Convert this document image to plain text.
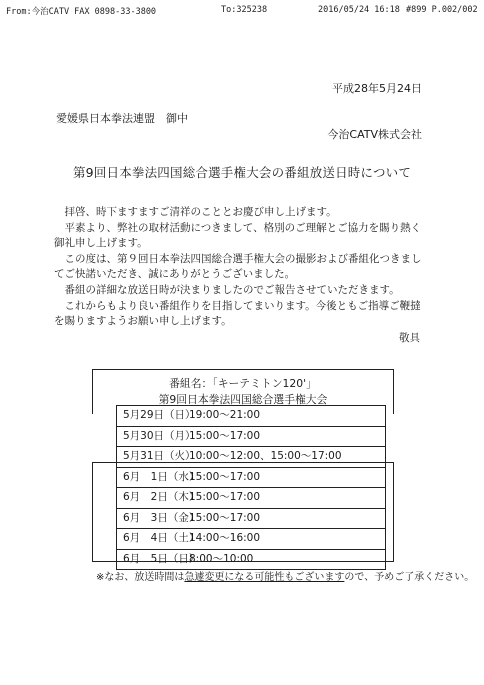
From:今治CATV FAX 0898-33-3800	To:325238	2016/05/24 16:18 #899 P.002/002
平成28年5月24日
愛媛県日本拳法連盟　御中
今治CATV株式会社
第9回日本拳法四国総合選手権大会の番組放送日時について

拝啓、時下ますますご清祥のこととお慶び申し上げます。

平素より、弊社の取材活動につきまして、格別のご理解とご協力を賜り熱く御礼申し上げます。

この度は、第９回日本拳法四国総合選手権大会の撮影および番組化つきましてご快諾いただき、誠にありがとうございました。

番組の詳細な放送日時が決まりましたのでご報告させていただきます。

これからもより良い番組作りを目指してまいります。今後ともご指導ご鞭撻を賜りますようお願い申し上げます。

敬具
番組名：「キーテミトン120'」
第9回日本拳法四国総合選手権大会
5月29日（日）19:00〜21:00
5月30日（月）15:00〜17:00
5月31日（火）10:00〜12:00、15:00〜17:00
6月　1日（水）15:00〜17:00
6月　2日（木）15:00〜17:00
6月　3日（金）15:00〜17:00
6月　4日（土）14:00〜16:00
6月　5日（日）8:00〜10:00
※なお、放送時間は急遽変更になる可能性もございますので、予めご了承ください。
